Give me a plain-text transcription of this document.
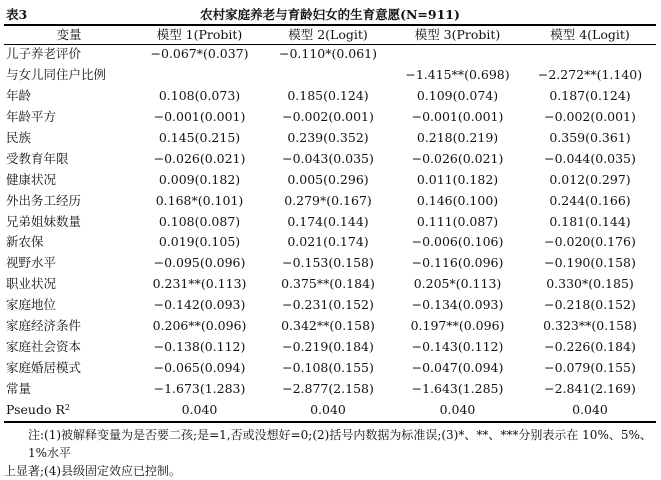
表3	农村家庭养老与育龄妇女的生育意愿(N=911)
变量	模型 1(Probit)	模型 2(Logit)	模型 3(Probit)	模型 4(Logit)
儿子养老评价	−0.067*(0.037)	−0.110*(0.061)		
与女儿同住户比例			−1.415**(0.698)	−2.272**(1.140)
年龄	0.108(0.073)	0.185(0.124)	0.109(0.074)	0.187(0.124)
年龄平方	−0.001(0.001)	−0.002(0.001)	−0.001(0.001)	−0.002(0.001)
民族	0.145(0.215)	0.239(0.352)	0.218(0.219)	0.359(0.361)
受教育年限	−0.026(0.021)	−0.043(0.035)	−0.026(0.021)	−0.044(0.035)
健康状况	0.009(0.182)	0.005(0.296)	0.011(0.182)	0.012(0.297)
外出务工经历	0.168*(0.101)	0.279*(0.167)	0.146(0.100)	0.244(0.166)
兄弟姐妹数量	0.108(0.087)	0.174(0.144)	0.111(0.087)	0.181(0.144)
新农保	0.019(0.105)	0.021(0.174)	−0.006(0.106)	−0.020(0.176)
视野水平	−0.095(0.096)	−0.153(0.158)	−0.116(0.096)	−0.190(0.158)
职业状况	0.231**(0.113)	0.375**(0.184)	0.205*(0.113)	0.330*(0.185)
家庭地位	−0.142(0.093)	−0.231(0.152)	−0.134(0.093)	−0.218(0.152)
家庭经济条件	0.206**(0.096)	0.342**(0.158)	0.197**(0.096)	0.323**(0.158)
家庭社会资本	−0.138(0.112)	−0.219(0.184)	−0.143(0.112)	−0.226(0.184)
家庭婚居模式	−0.065(0.094)	−0.108(0.155)	−0.047(0.094)	−0.079(0.155)
常量	−1.673(1.283)	−2.877(2.158)	−1.643(1.285)	−2.841(2.169)
Pseudo $R^2$	0.040	0.040	0.040	0.040
注:(1)被解释变量为是否要二孩;是=1,否或没想好=0;(2)括号内数据为标准误;(3)*、**、***分别表示在 10%、5%、1%水平
上显著;(4)县级固定效应已控制。
